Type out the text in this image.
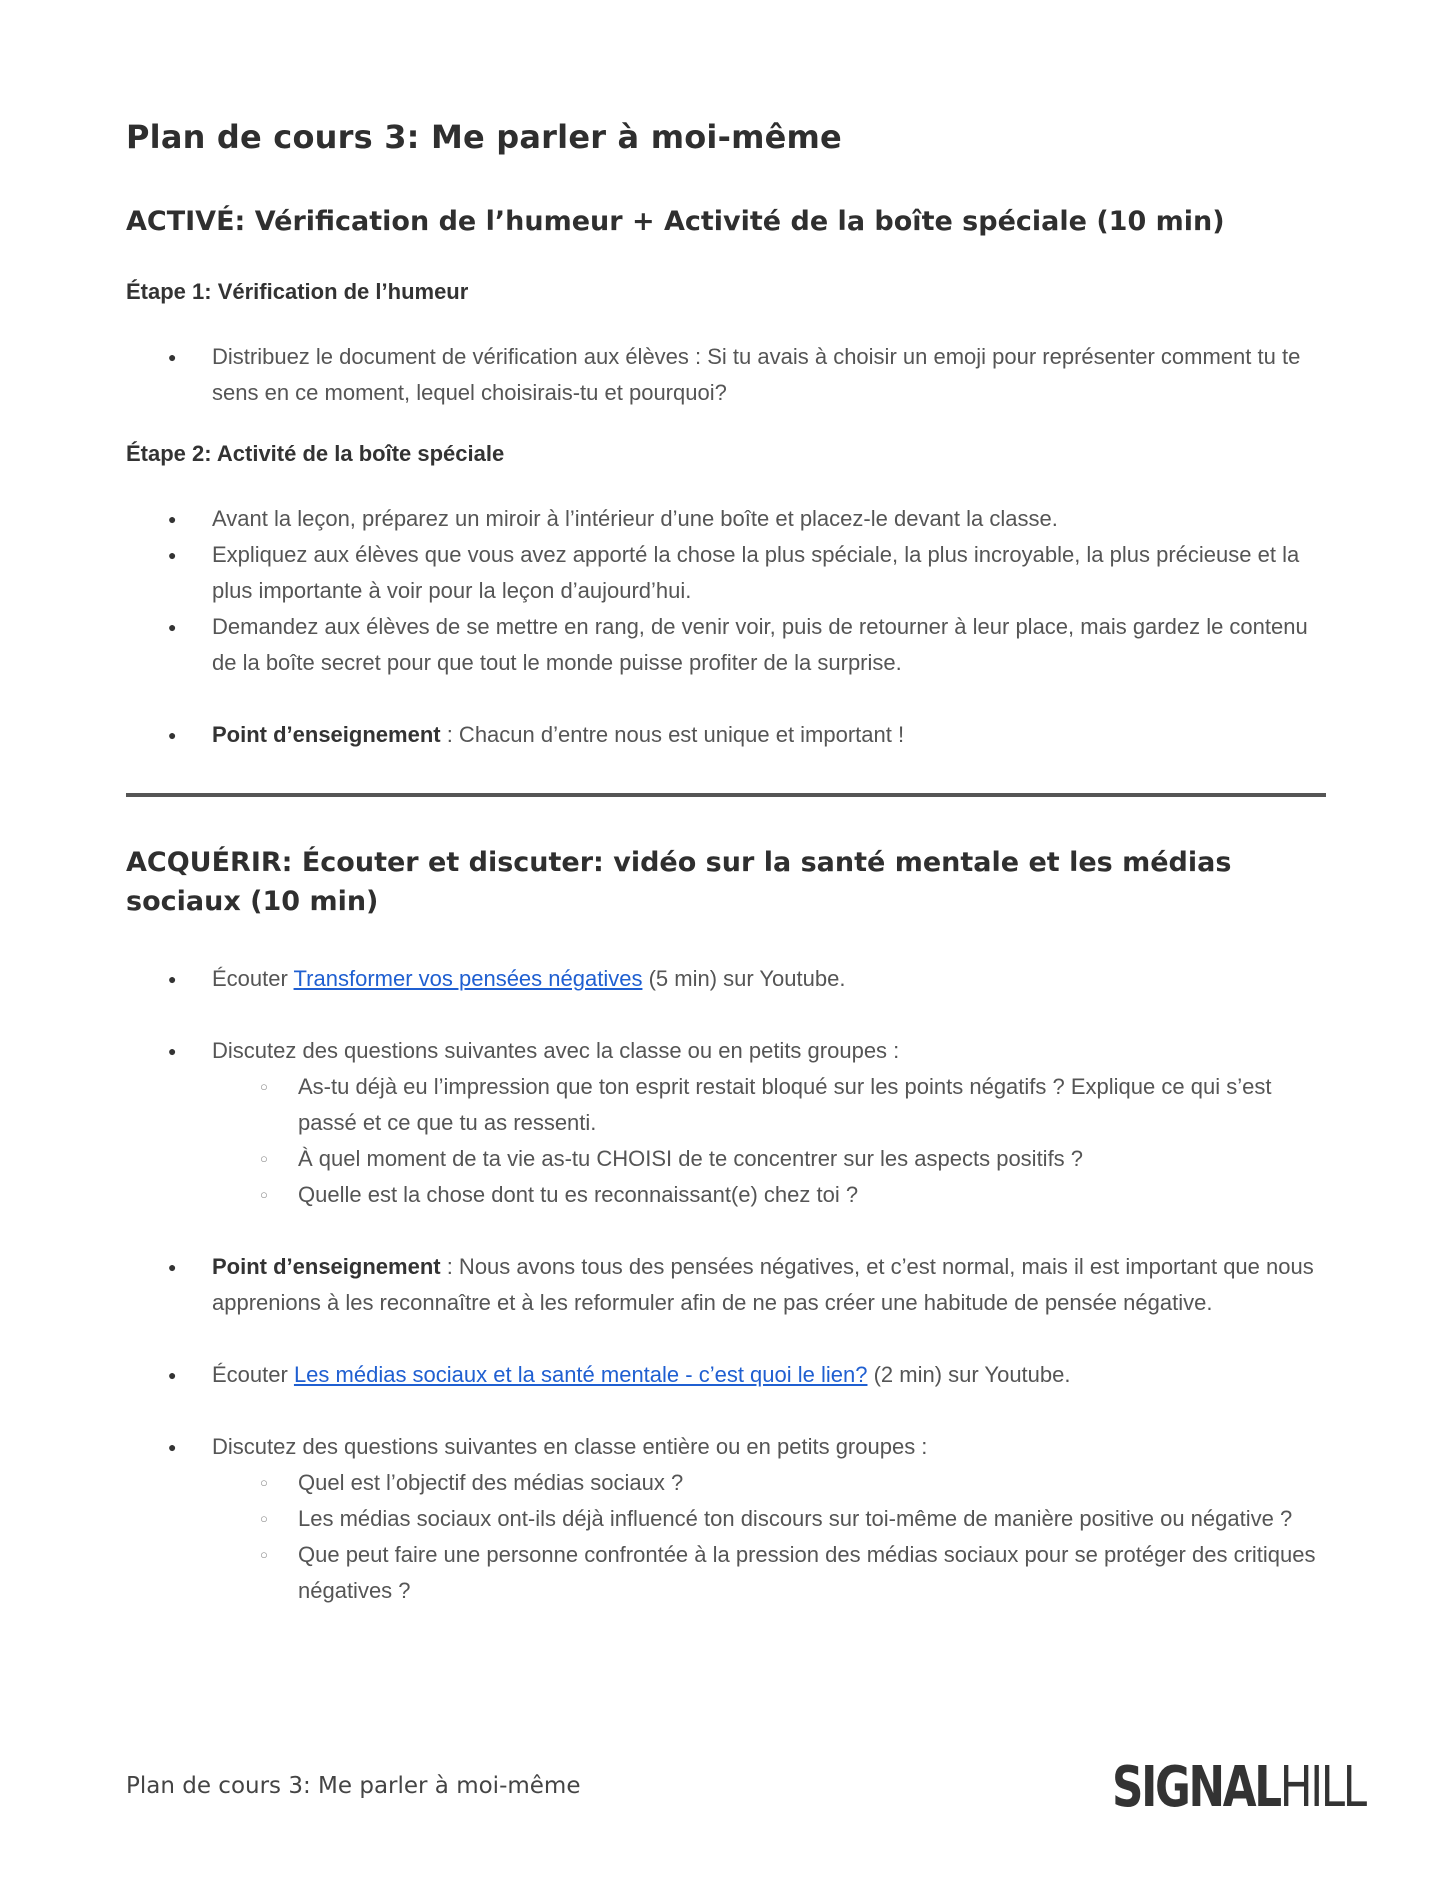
Plan de cours 3: Me parler à moi-même
ACTIVÉ: Vérification de l’humeur + Activité de la boîte spéciale (10 min)
Étape 1: Vérification de l’humeur
● Distribuez le document de vérification aux élèves : Si tu avais à choisir un emoji pour représenter comment tu te sens en ce moment, lequel choisirais-tu et pourquoi?
Étape 2: Activité de la boîte spéciale
● Avant la leçon, préparez un miroir à l’intérieur d’une boîte et placez-le devant la classe.
● Expliquez aux élèves que vous avez apporté la chose la plus spéciale, la plus incroyable, la plus précieuse et la plus importante à voir pour la leçon d’aujourd’hui.
● Demandez aux élèves de se mettre en rang, de venir voir, puis de retourner à leur place, mais gardez le contenu de la boîte secret pour que tout le monde puisse profiter de la surprise.
● Point d’enseignement : Chacun d’entre nous est unique et important !
ACQUÉRIR: Écouter et discuter: vidéo sur la santé mentale et les médias sociaux (10 min)
● Écouter Transformer vos pensées négatives (5 min) sur Youtube.
● Discutez des questions suivantes avec la classe ou en petits groupes :
○ As-tu déjà eu l’impression que ton esprit restait bloqué sur les points négatifs ? Explique ce qui s’est passé et ce que tu as ressenti.
○ À quel moment de ta vie as-tu CHOISI de te concentrer sur les aspects positifs ?
○ Quelle est la chose dont tu es reconnaissant(e) chez toi ?
● Point d’enseignement : Nous avons tous des pensées négatives, et c’est normal, mais il est important que nous apprenions à les reconnaître et à les reformuler afin de ne pas créer une habitude de pensée négative.
● Écouter Les médias sociaux et la santé mentale - c’est quoi le lien? (2 min) sur Youtube.
● Discutez des questions suivantes en classe entière ou en petits groupes :
○ Quel est l’objectif des médias sociaux ?
○ Les médias sociaux ont-ils déjà influencé ton discours sur toi-même de manière positive ou négative ?
○ Que peut faire une personne confrontée à la pression des médias sociaux pour se protéger des critiques négatives ?
Plan de cours 3: Me parler à moi-même	SIGNALHILL
